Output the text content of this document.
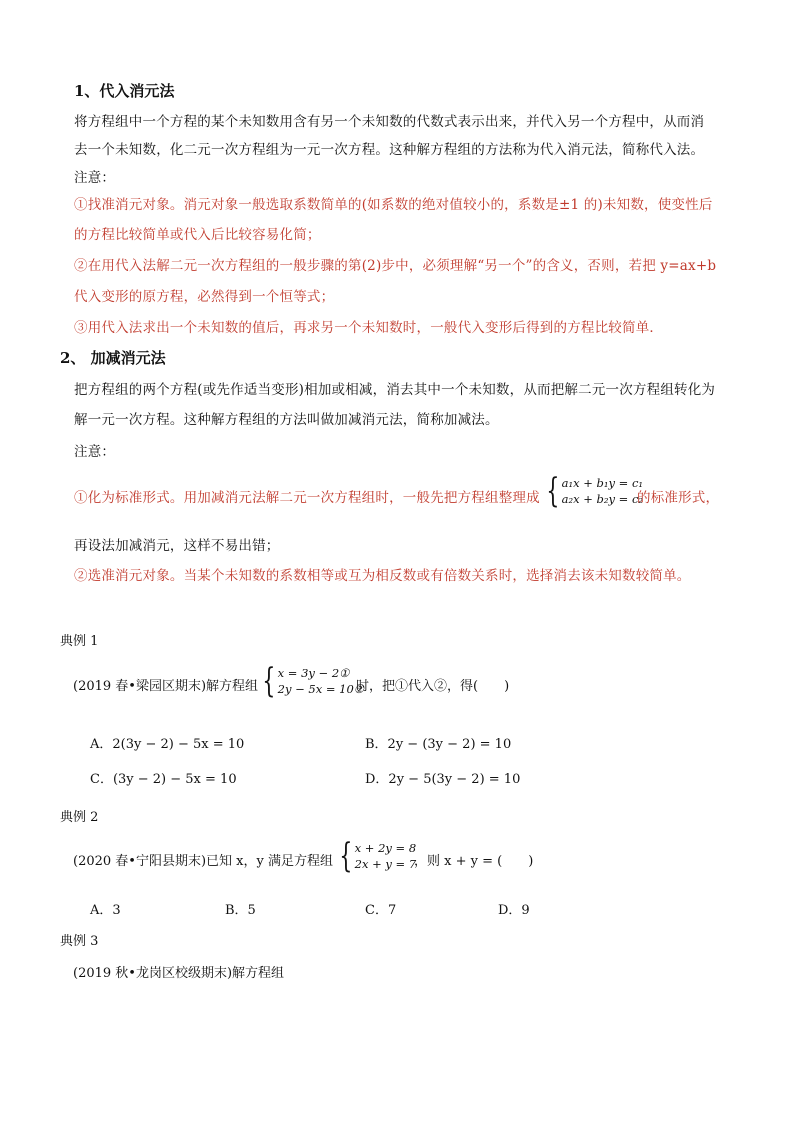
1、代入消元法
将方程组中一个方程的某个未知数用含有另一个未知数的代数式表示出来，并代入另一个方程中，从而消
去一个未知数，化二元一次方程组为一元一次方程。这种解方程组的方法称为代入消元法，简称代入法。
注意：
①找准消元对象。消元对象一般选取系数简单的(如系数的绝对值较小的，系数是±1 的)未知数，使变性后
的方程比较简单或代入后比较容易化简；
②在用代入法解二元一次方程组的一般步骤的第(2)步中，必须理解“另一个”的含义，否则，若把 y=ax+b
代入变形的原方程，必然得到一个恒等式；
③用代入法求出一个未知数的值后，再求另一个未知数时，一般代入变形后得到的方程比较简单．
2、 加减消元法
把方程组的两个方程(或先作适当变形)相加或相减，消去其中一个未知数，从而把解二元一次方程组转化为
解一元一次方程。这种解方程组的方法叫做加减消元法，简称加减法。
注意：
①化为标准形式。用加减消元法解二元一次方程组时，一般先把方程组整理成 { a₁x + b₁y = c₁
a₂x + b₂y = c₂
的标准形式，
再设法加减消元，这样不易出错；
②选准消元对象。当某个未知数的系数相等或互为相反数或有倍数关系时，选择消去该未知数较简单。
典例 1
(2019 春•梁园区期末)解方程组 { x = 3y − 2①
2y − 5x = 10②
时，把①代入②，得(　　)
A．2(3y − 2) − 5x = 10	B．2y − (3y − 2) = 10
C．(3y − 2) − 5x = 10	D．2y − 5(3y − 2) = 10
典例 2
(2020 春•宁阳县期末)已知 x，y 满足方程组 { x + 2y = 8
2x + y = 7
，则 x + y = (　　)
A．3	B．5	C．7	D．9
典例 3
(2019 秋•龙岗区校级期末)解方程组
